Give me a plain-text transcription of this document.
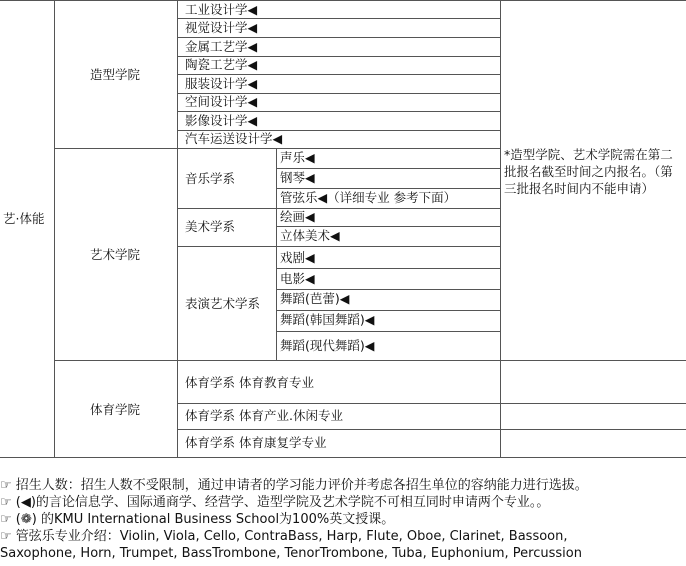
艺·体能
造型学院
艺术学院
体育学院
工业设计学◀
视觉设计学◀
金属工艺学◀
陶瓷工艺学◀
服装设计学◀
空间设计学◀
影像设计学◀
汽车运送设计学◀
音乐学系
美术学系
表演艺术学系
声乐◀
钢琴◀
管弦乐◀（详细专业 参考下面）
绘画◀
立体美术◀
戏剧◀
电影◀
舞蹈(芭蕾)◀
舞蹈(韩国舞蹈)◀
舞蹈(现代舞蹈)◀
体育学系 体育教育专业
体育学系 体育产业.休闲专业
体育学系 体育康复学专业
*造型学院、艺术学院需在第二批报名截至时间之内报名。（第三批报名时间内不能申请）
☞ 招生人数：招生人数不受限制，通过申请者的学习能力评价并考虑各招生单位的容纳能力进行选拔。
☞ (◀)的言论信息学、国际通商学、经营学、造型学院及艺术学院不可相互同时申请两个专业。。
☞ (❁) 的KMU International Business School为100%英文授课。
☞ 管弦乐专业介绍：Violin, Viola, Cello, ContraBass, Harp, Flute, Oboe, Clarinet, Bassoon,
Saxophone, Horn, Trumpet, BassTrombone, TenorTrombone, Tuba, Euphonium, Percussion
